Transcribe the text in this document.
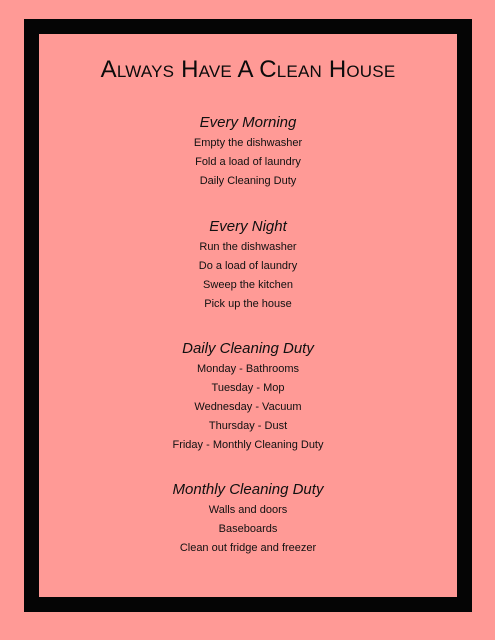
Always Have A Clean House
Every Morning
Empty the dishwasher
Fold a load of laundry
Daily Cleaning Duty
Every Night
Run the dishwasher
Do a load of laundry
Sweep the kitchen
Pick up the house
Daily Cleaning Duty
Monday - Bathrooms
Tuesday - Mop
Wednesday - Vacuum
Thursday - Dust
Friday - Monthly Cleaning Duty
Monthly Cleaning Duty
Walls and doors
Baseboards
Clean out fridge and freezer
